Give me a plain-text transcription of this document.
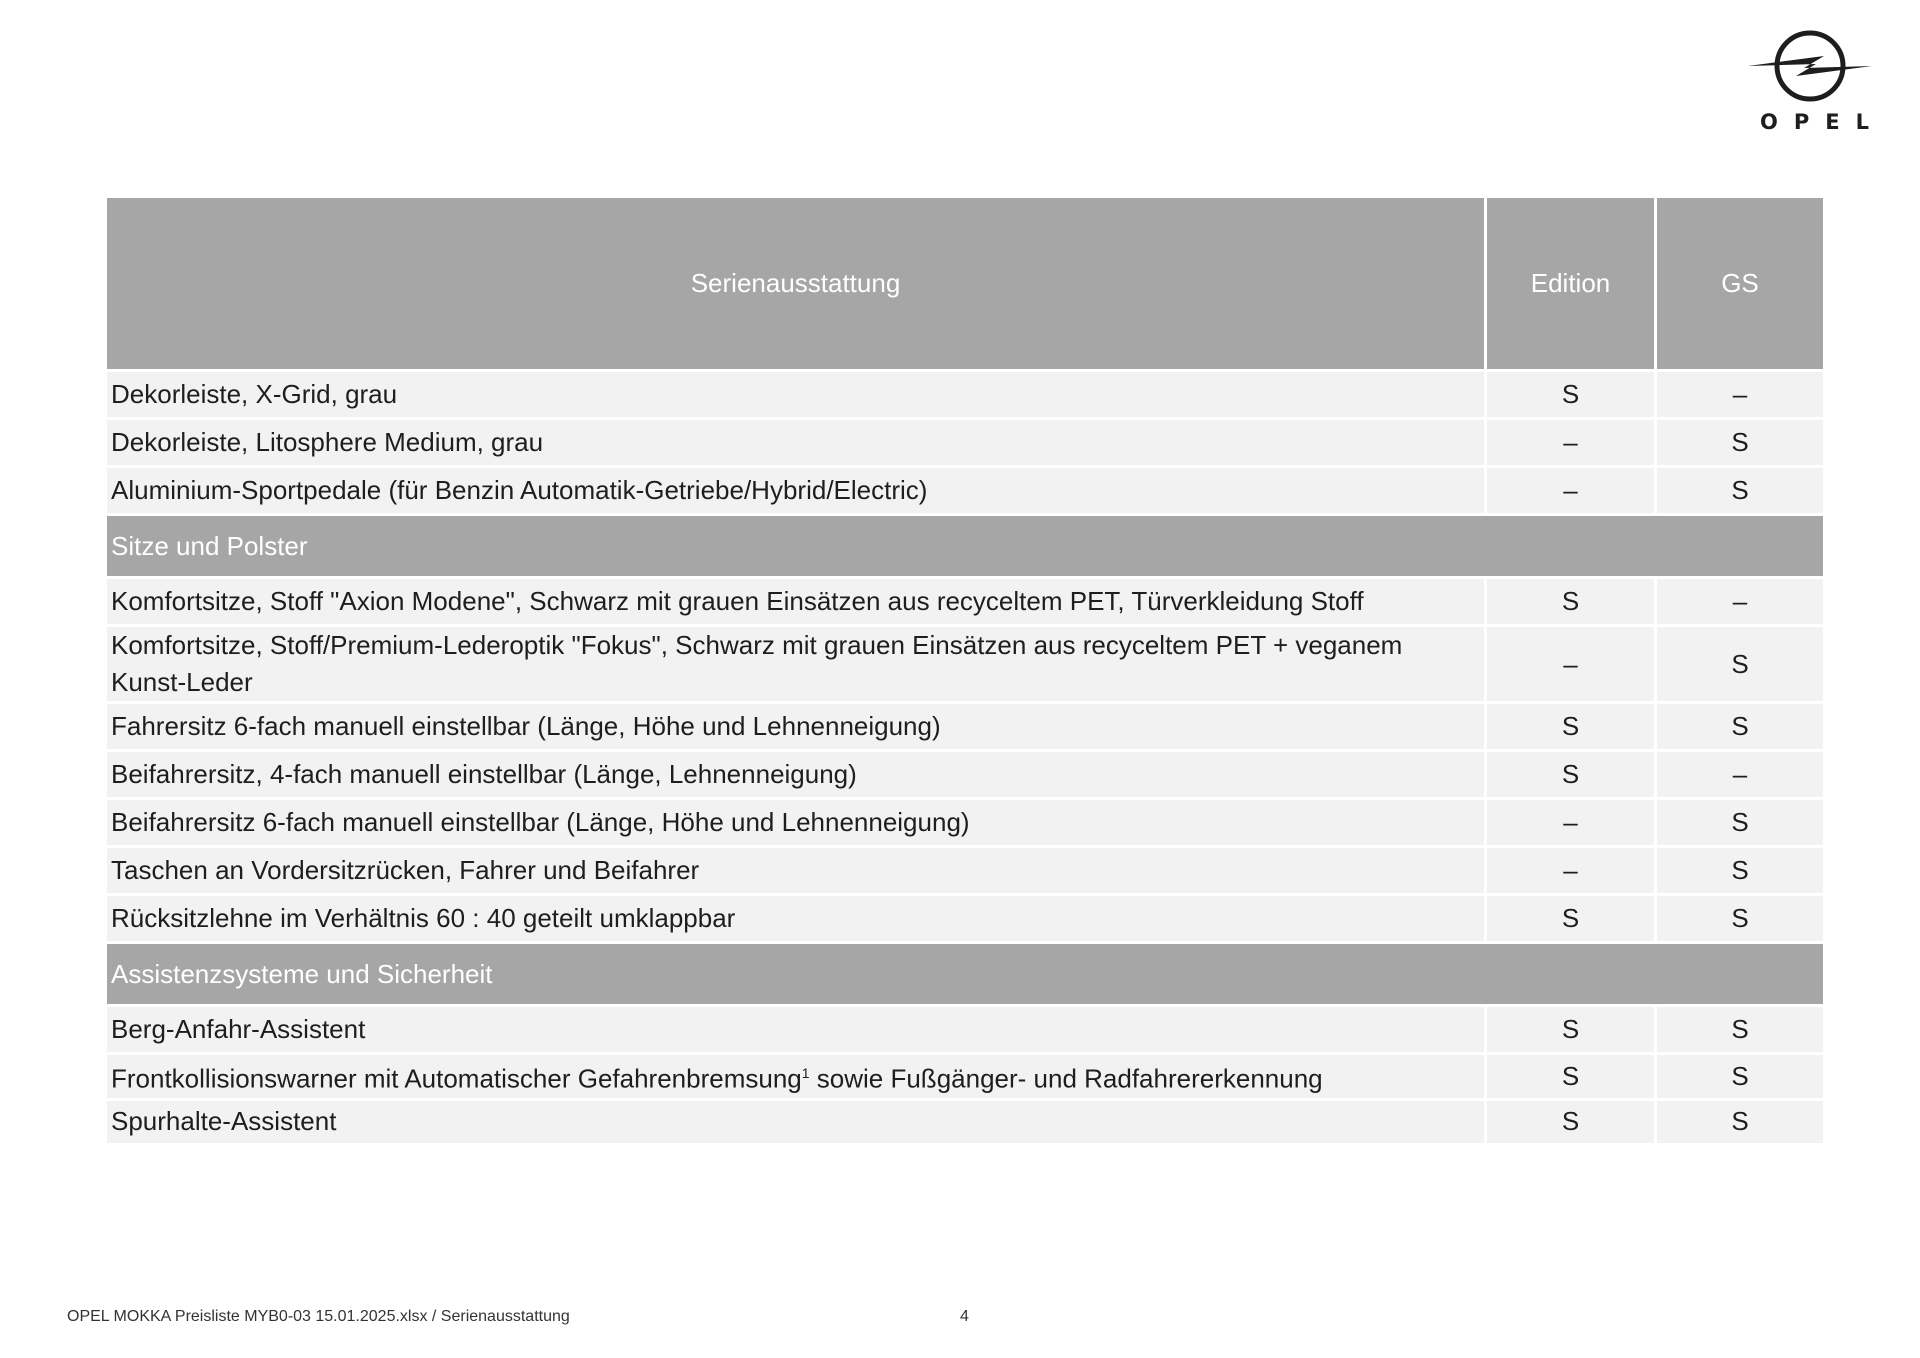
OPEL
Serienausstattung	Edition	GS
Dekorleiste, X-Grid, grau	S	–
Dekorleiste, Litosphere Medium, grau	–	S
Aluminium-Sportpedale (für Benzin Automatik-Getriebe/Hybrid/Electric)	–	S
Sitze und Polster		
Komfortsitze, Stoff "Axion Modene", Schwarz mit grauen Einsätzen aus recyceltem PET, Türverkleidung Stoff	S	–
Komfortsitze, Stoff/Premium-Lederoptik "Fokus", Schwarz mit grauen Einsätzen aus recyceltem PET + veganem Kunst-Leder	–	S
Fahrersitz 6-fach manuell einstellbar (Länge, Höhe und Lehnenneigung)	S	S
Beifahrersitz, 4-fach manuell einstellbar (Länge, Lehnenneigung)	S	–
Beifahrersitz 6-fach manuell einstellbar (Länge, Höhe und Lehnenneigung)	–	S
Taschen an Vordersitzrücken, Fahrer und Beifahrer	–	S
Rücksitzlehne im Verhältnis 60 : 40 geteilt umklappbar	S	S
Assistenzsysteme und Sicherheit		
Berg-Anfahr-Assistent	S	S
Frontkollisionswarner mit Automatischer Gefahrenbremsung$^1$ sowie Fußgänger- und Radfahrererkennung	S	S
Spurhalte-Assistent	S	S
OPEL MOKKA Preisliste MYB0-03 15.01.2025.xlsx / Serienausstattung	4
